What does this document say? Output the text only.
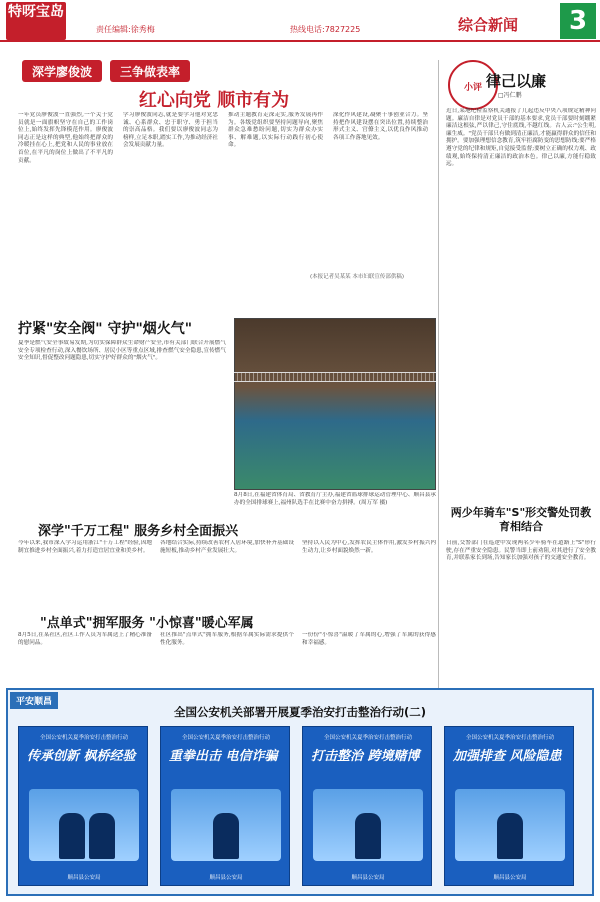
特呀宝岛
责任编辑:徐秀梅	热线电话:7827225	综合新闻	3
深学廖俊波	三争做表率
红心向党 顺市有为
一年党员廖俊波一直强烈,一个关于党员就是一面旗帜坚守在自己的工作岗位上,始终发挥先锋模范作用。廖俊波同志正是这样的典型,他始终把群众的冷暖挂在心上,把党和人民的事业放在首位,在平凡的岗位上做出了不平凡的贡献。
学习廖俊波同志,就是要学习他对党忠诚、心系群众、忠于职守、勇于担当的崇高品格。我们要以廖俊波同志为榜样,立足本职,踏实工作,为推动经济社会发展贡献力量。
推动主题教育走深走实,服务发展再作为。各级党组织要坚持问题导向,聚焦群众急难愁盼问题,切实为群众办实事、解难题,以实际行动践行初心使命。
深化作风建设,凝聚干事创业合力。坚持把作风建设摆在突出位置,持续整治形式主义、官僚主义,以优良作风推动各项工作落地见效。
(本报记者吴某某 本市妇联宣传部供稿)
小评 律己以廉
□冯仁鹏
近日,某地纪检监察机关通报了几起违反中央八项规定精神问题。廉洁自律是对党员干部的基本要求,党员干部要时刻绷紧廉洁这根弦,严以律己,守住底线,不越红线。古人云:"公生明,廉生威。"党员干部只有做到清正廉洁,才能赢得群众的信任和拥护。要加强理想信念教育,筑牢拒腐防变的思想防线;要严格遵守党的纪律和规矩,自觉接受监督;要树立正确的权力观、政绩观,始终保持清正廉洁的政治本色。律己以廉,方能行稳致远。
两少年骑车"S"形交警处罚教育相结合
日前,交警部门在巡逻中发现两名少年骑车在道路上"S"形行驶,存在严重安全隐患。民警当即上前劝阻,对其进行了安全教育,并联系家长到场,告知家长加强对孩子的交通安全教育。
拧紧"安全阀" 守护"烟火气"
夏季是燃气安全事故易发期,为切实保障群众生命财产安全,市有关部门联合开展燃气安全专项检查行动,深入餐饮场所、居民小区等重点区域,排查燃气安全隐患,宣传燃气安全知识,督促整改问题隐患,切实守护好群众的"烟火气"。
8月8日,在福建省体育局、省教育厅主办,福建省篮球排球运动管理中心、顺昌县承办的全国排球赛上,福州队选手在比赛中奋力拼搏。(周万军 摄)
深学"千万工程" 服务乡村全面振兴
今年以来,我市深入学习运用浙江"千万工程"经验,因地制宜推进乡村全面振兴,着力打造宜居宜业和美乡村。
各地结合实际,持续改善农村人居环境,加快补齐基础设施短板,推动乡村产业发展壮大。
坚持以人民为中心,发挥农民主体作用,激发乡村振兴内生动力,让乡村面貌焕然一新。
"点单式"拥军服务 "小惊喜"暖心军属
8月5日,在某社区,社区工作人员为军属送上了精心准备的慰问品。
社区推出"点单式"拥军服务,根据军属实际需求提供个性化服务。
一份份"小惊喜"温暖了军属的心,增强了军属的获得感和幸福感。
平安顺昌
全国公安机关部署开展夏季治安打击整治行动(二)
全国公安机关夏季治安打击整治行动
传承创新 枫桥经验
顺昌县公安局
全国公安机关夏季治安打击整治行动
重拳出击 电信诈骗
顺昌县公安局
全国公安机关夏季治安打击整治行动
打击整治 跨境赌博
顺昌县公安局
全国公安机关夏季治安打击整治行动
加强排查 风险隐患
顺昌县公安局
